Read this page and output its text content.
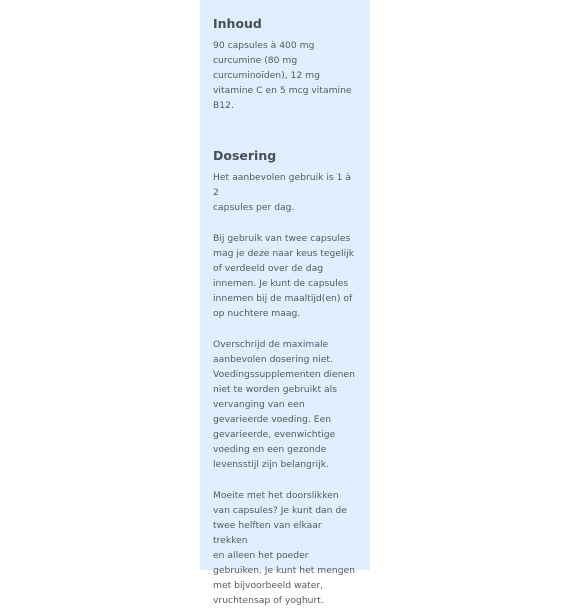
Inhoud

90 capsules à 400 mg
curcumine (80 mg
curcuminoïden), 12 mg
vitamine C en 5 mcg vitamine
B12.

Dosering

Het aanbevolen gebruik is 1 à 2
capsules per dag.

Bij gebruik van twee capsules
mag je deze naar keus tegelijk
of verdeeld over de dag
innemen. Je kunt de capsules
innemen bij de maaltijd(en) of
op nuchtere maag.

Overschrijd de maximale
aanbevolen dosering niet.
Voedingssupplementen dienen
niet te worden gebruikt als
vervanging van een
gevarieerde voeding. Een
gevarieerde, evenwichtige
voeding en een gezonde
levensstijl zijn belangrijk.

Moeite met het doorslikken
van capsules? Je kunt dan de
twee helften van elkaar trekken
en alleen het poeder
gebruiken. Je kunt het mengen
met bijvoorbeeld water,
vruchtensap of yoghurt.
